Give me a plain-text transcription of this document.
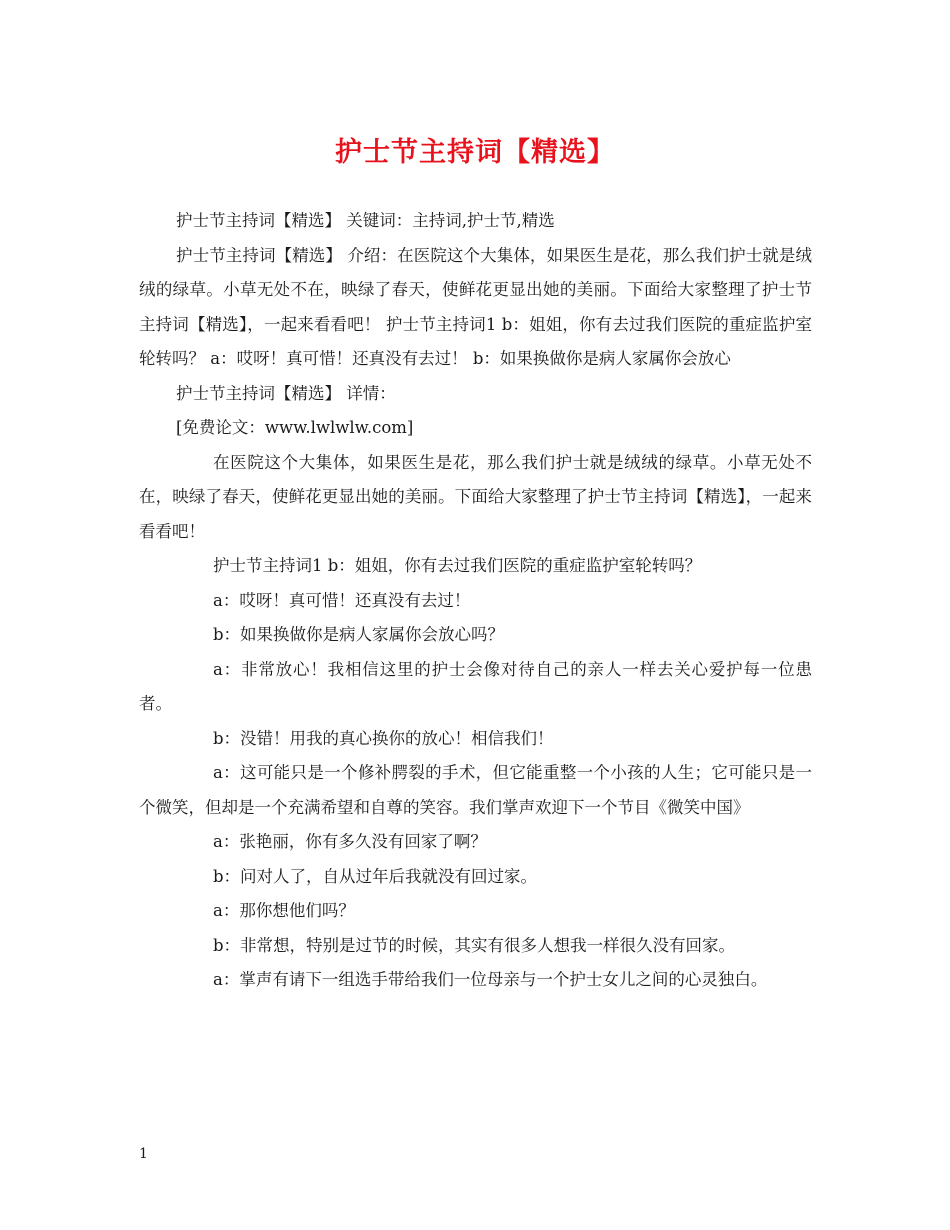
护士节主持词【精选】

护士节主持词【精选】 关键词：主持词,护士节,精选

护士节主持词【精选】 介绍：在医院这个大集体，如果医生是花，那么我们护士就是绒绒的绿草。小草无处不在，映绿了春天，使鲜花更显出她的美丽。下面给大家整理了护士节主持词【精选】，一起来看看吧！ 护士节主持词1 b：姐姐，你有去过我们医院的重症监护室轮转吗？ a：哎呀！真可惜！还真没有去过！ b：如果换做你是病人家属你会放心

护士节主持词【精选】 详情：

[免费论文：www.lwlwlw.com]

在医院这个大集体，如果医生是花，那么我们护士就是绒绒的绿草。小草无处不在，映绿了春天，使鲜花更显出她的美丽。下面给大家整理了护士节主持词【精选】，一起来看看吧！

护士节主持词1 b：姐姐，你有去过我们医院的重症监护室轮转吗？

a：哎呀！真可惜！还真没有去过！

b：如果换做你是病人家属你会放心吗？

a：非常放心！我相信这里的护士会像对待自己的亲人一样去关心爱护每一位患者。

b：没错！用我的真心换你的放心！相信我们！

a：这可能只是一个修补腭裂的手术，但它能重整一个小孩的人生；它可能只是一个微笑，但却是一个充满希望和自尊的笑容。我们掌声欢迎下一个节目《微笑中国》

a：张艳丽，你有多久没有回家了啊？

b：问对人了，自从过年后我就没有回过家。

a：那你想他们吗？

b：非常想，特别是过节的时候，其实有很多人想我一样很久没有回家。

a：掌声有请下一组选手带给我们一位母亲与一个护士女儿之间的心灵独白。

1
